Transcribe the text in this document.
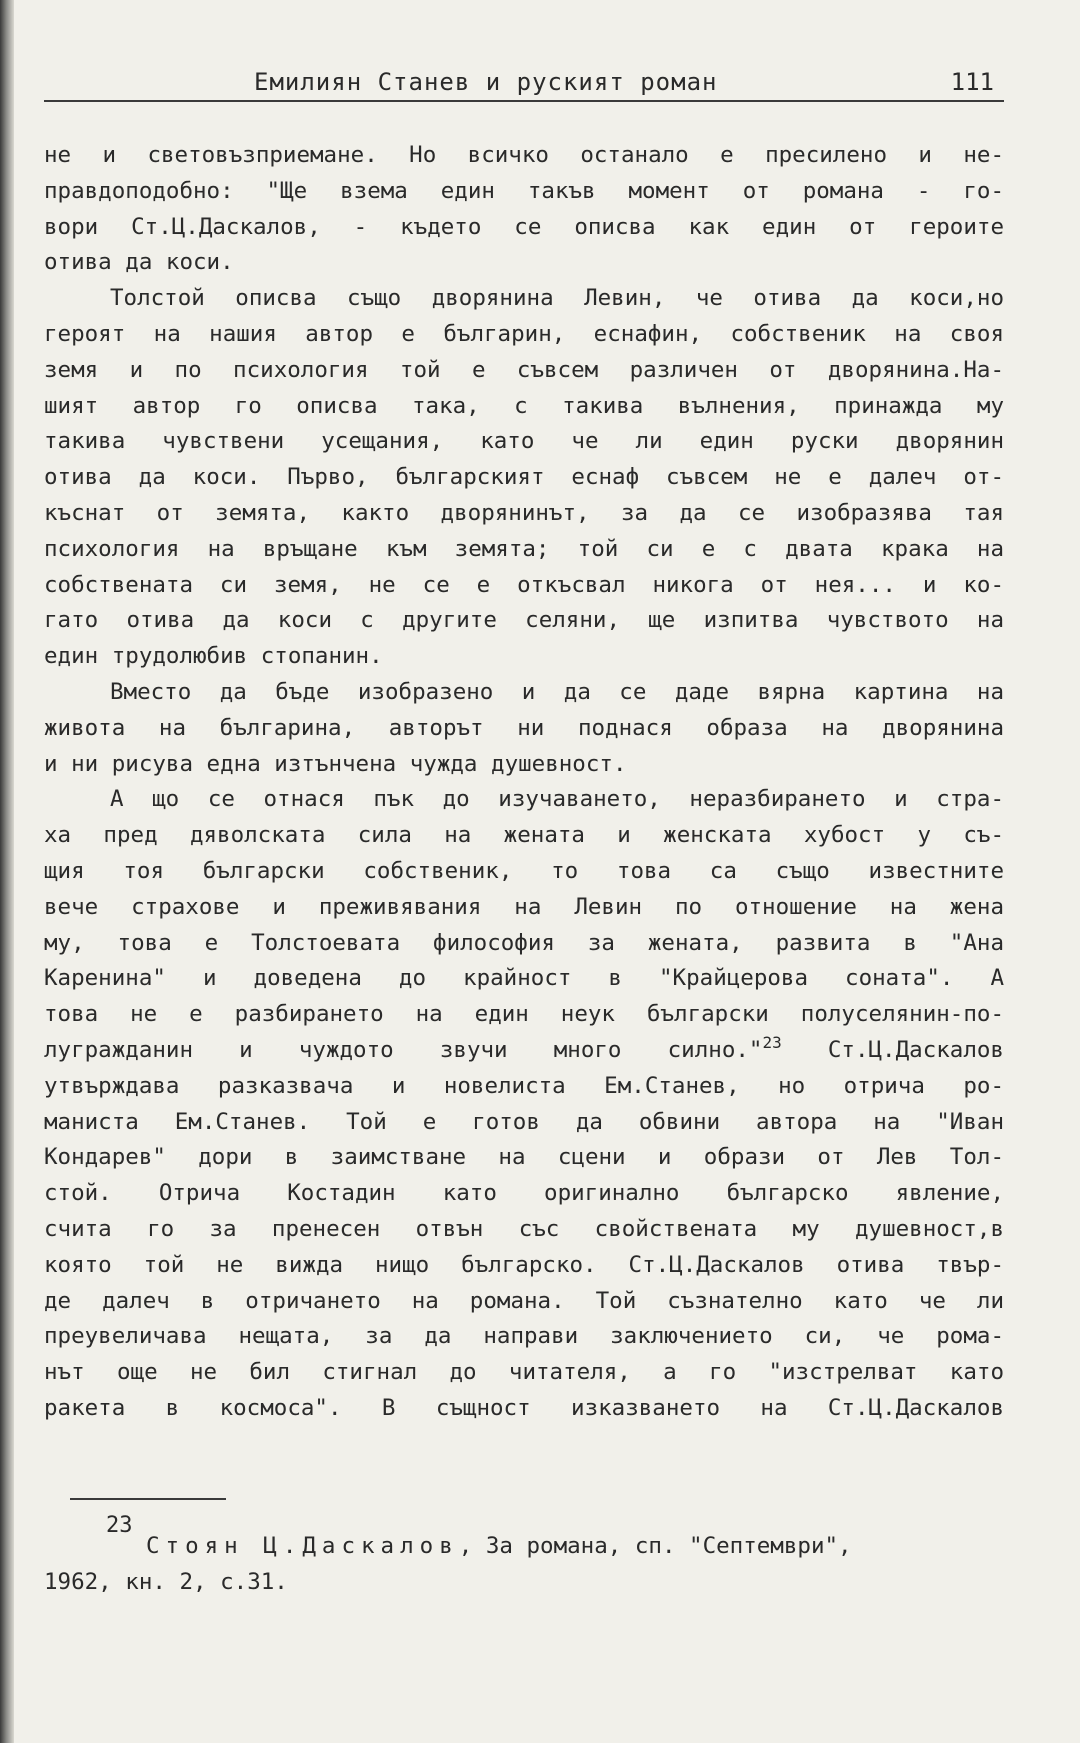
Емилиян Станев и руският роман	111
не и световъзприемане. Но всичко останало е пресилено и не-
правдоподобно: "Ще взема един такъв момент от романа - го-
вори Ст.Ц.Даскалов, - където се описва как един от героите
отива да коси.
Толстой описва също дворянина Левин, че отива да коси,но
героят на нашия автор е българин, еснафин, собственик на своя
земя и по психология той е съвсем различен от дворянина.На-
шият автор го описва така, с такива вълнения, принажда му
такива чувствени усещания, като че ли един руски дворянин
отива да коси. Първо, българският еснаф съвсем не е далеч от-
къснат от земята, както дворянинът, за да се изобразява тая
психология на връщане към земята; той си е с двата крака на
собствената си земя, не се е откъсвал никога от нея... и ко-
гато отива да коси с другите селяни, ще изпитва чувството на
един трудолюбив стопанин.
Вместо да бъде изобразено и да се даде вярна картина на
живота на българина, авторът ни поднася образа на дворянина
и ни рисува една изтънчена чужда душевност.
А що се отнася пък до изучаването, неразбирането и стра-
ха пред дяволската сила на жената и женската хубост у съ-
щия тоя български собственик, то това са също известните
вече страхове и преживявания на Левин по отношение на жена
му, това е Толстоевата философия за жената, развита в "Ана
Каренина" и доведена до крайност в "Крайцерова соната". А
това не е разбирането на един неук български полуселянин-по-
лугражданин и чуждото звучи много силно."$^{23}$ Ст.Ц.Даскалов
утвърждава разказвача и новелиста Ем.Станев, но отрича ро-
маниста Ем.Станев. Той е готов да обвини автора на "Иван
Кондарев" дори в заимстване на сцени и образи от Лев Тол-
стой. Отрича Костадин като оригинално българско явление,
счита го за пренесен отвън със свойствената му душевност,в
която той не вижда нищо българско. Ст.Ц.Даскалов отива твър-
де далеч в отричането на романа. Той съзнателно като че ли
преувеличава нещата, за да направи заключението си, че рома-
нът още не бил стигнал до читателя, а го "изстрелват като
ракета в космоса". В същност изказването на Ст.Ц.Даскалов
23
Стоян Ц.Даскалов, За романа, сп. "Септември",
1962, кн. 2, с.31.
